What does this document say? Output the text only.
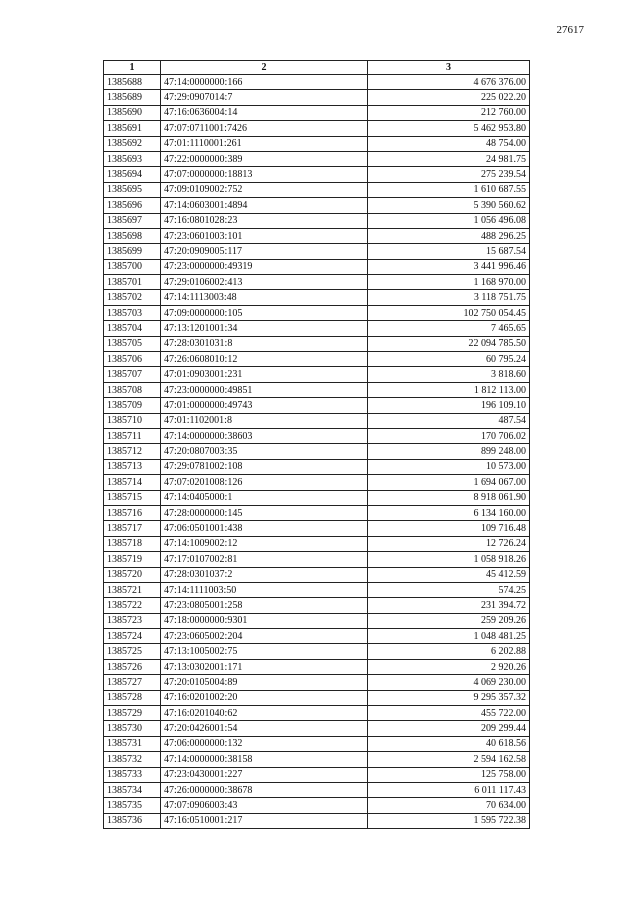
27617
1	2	3
1385688	47:14:0000000:166	4 676 376.00
1385689	47:29:0907014:7	225 022.20
1385690	47:16:0636004:14	212 760.00
1385691	47:07:0711001:7426	5 462 953.80
1385692	47:01:1110001:261	48 754.00
1385693	47:22:0000000:389	24 981.75
1385694	47:07:0000000:18813	275 239.54
1385695	47:09:0109002:752	1 610 687.55
1385696	47:14:0603001:4894	5 390 560.62
1385697	47:16:0801028:23	1 056 496.08
1385698	47:23:0601003:101	488 296.25
1385699	47:20:0909005:117	15 687.54
1385700	47:23:0000000:49319	3 441 996.46
1385701	47:29:0106002:413	1 168 970.00
1385702	47:14:1113003:48	3 118 751.75
1385703	47:09:0000000:105	102 750 054.45
1385704	47:13:1201001:34	7 465.65
1385705	47:28:0301031:8	22 094 785.50
1385706	47:26:0608010:12	60 795.24
1385707	47:01:0903001:231	3 818.60
1385708	47:23:0000000:49851	1 812 113.00
1385709	47:01:0000000:49743	196 109.10
1385710	47:01:1102001:8	487.54
1385711	47:14:0000000:38603	170 706.02
1385712	47:20:0807003:35	899 248.00
1385713	47:29:0781002:108	10 573.00
1385714	47:07:0201008:126	1 694 067.00
1385715	47:14:0405000:1	8 918 061.90
1385716	47:28:0000000:145	6 134 160.00
1385717	47:06:0501001:438	109 716.48
1385718	47:14:1009002:12	12 726.24
1385719	47:17:0107002:81	1 058 918.26
1385720	47:28:0301037:2	45 412.59
1385721	47:14:1111003:50	574.25
1385722	47:23:0805001:258	231 394.72
1385723	47:18:0000000:9301	259 209.26
1385724	47:23:0605002:204	1 048 481.25
1385725	47:13:1005002:75	6 202.88
1385726	47:13:0302001:171	2 920.26
1385727	47:20:0105004:89	4 069 230.00
1385728	47:16:0201002:20	9 295 357.32
1385729	47:16:0201040:62	455 722.00
1385730	47:20:0426001:54	209 299.44
1385731	47:06:0000000:132	40 618.56
1385732	47:14:0000000:38158	2 594 162.58
1385733	47:23:0430001:227	125 758.00
1385734	47:26:0000000:38678	6 011 117.43
1385735	47:07:0906003:43	70 634.00
1385736	47:16:0510001:217	1 595 722.38
